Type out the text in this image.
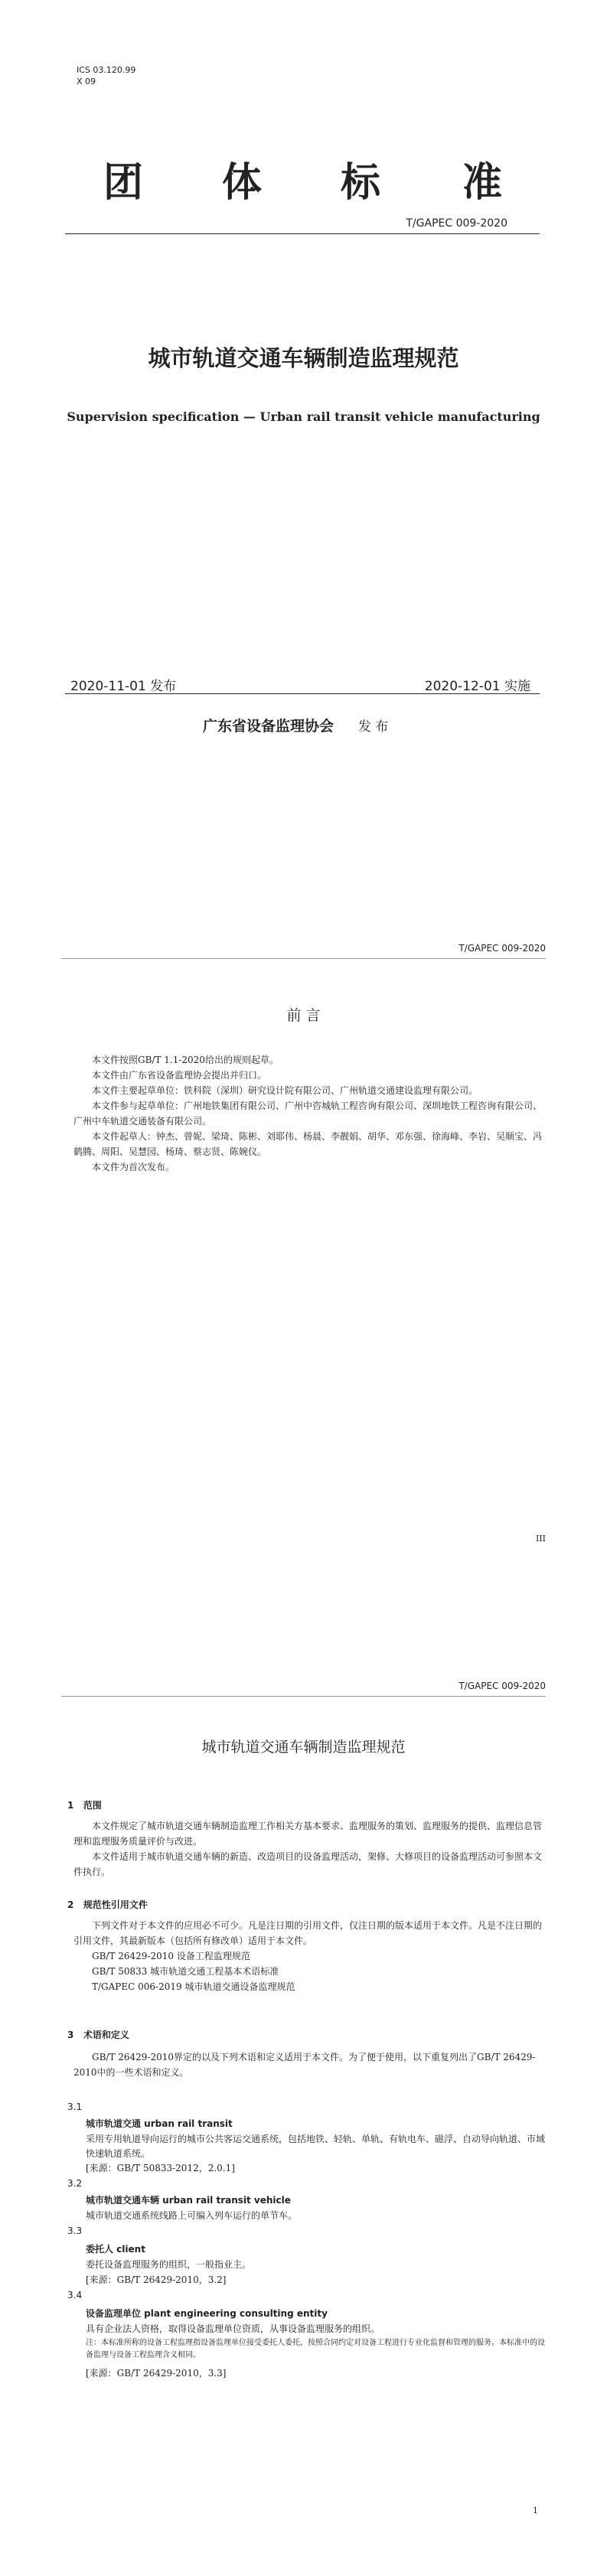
ICS 03.120.99
X 09
团 体 标 准
T/GAPEC 009-2020
城市轨道交通车辆制造监理规范
Supervision specification — Urban rail transit vehicle manufacturing
2020-11-01 发布	2020-12-01 实施
广东省设备监理协会 发 布
T/GAPEC 009-2020
前 言

本文件按照GB/T 1.1-2020给出的规则起草。

本文件由广东省设备监理协会提出并归口。

本文件主要起草单位：铁科院（深圳）研究设计院有限公司、广州轨道交通建设监理有限公司。

本文件参与起草单位：广州地铁集团有限公司、广州中咨城轨工程咨询有限公司、深圳地铁工程咨询有限公司、广州中车轨道交通装备有限公司。

本文件起草人：钟杰、曾妮、梁琦、陈彬、刘耶伟、杨晨、李靓娟、胡华、邓东强、徐海峰、李岩、吴顺宝、冯鹤腾、周阳、吴慧园、杨琦、蔡志贤、陈婉仪。

本文件为首次发布。

III
T/GAPEC 009-2020
城市轨道交通车辆制造监理规范
1 范围

本文件规定了城市轨道交通车辆制造监理工作相关方基本要求、监理服务的策划、监理服务的提供、监理信息管理和监理服务质量评价与改进。

本文件适用于城市轨道交通车辆的新造、改造项目的设备监理活动，架修、大修项目的设备监理活动可参照本文件执行。

2 规范性引用文件

下列文件对于本文件的应用必不可少。凡是注日期的引用文件，仅注日期的版本适用于本文件。凡是不注日期的引用文件，其最新版本（包括所有修改单）适用于本文件。

GB/T 26429-2010 设备工程监理规范

GB/T 50833 城市轨道交通工程基本术语标准

T/GAPEC 006-2019 城市轨道交通设备监理规范

3 术语和定义

GB/T 26429-2010界定的以及下列术语和定义适用于本文件。为了便于使用，以下重复列出了GB/T 26429-2010中的一些术语和定义。

3.1
城市轨道交通 urban rail transit
采用专用轨道导向运行的城市公共客运交通系统，包括地铁、轻轨、单轨、有轨电车、磁浮、自动导向轨道、市域快速轨道系统。
[来源：GB/T 50833-2012，2.0.1]
3.2
城市轨道交通车辆 urban rail transit vehicle
城市轨道交通系统线路上可编入列车运行的单节车。
3.3
委托人 client
委托设备监理服务的组织，一般指业主。
[来源：GB/T 26429-2010，3.2]
3.4
设备监理单位 plant engineering consulting entity
具有企业法人资格，取得设备监理单位资质，从事设备监理服务的组织。
注：本标准所称的设备工程监理指设备监理单位接受委托人委托，按照合同约定对设备工程进行专业化监督和管理的服务。本标准中的设备监理与设备工程监理含义相同。
[来源：GB/T 26429-2010，3.3]
1
